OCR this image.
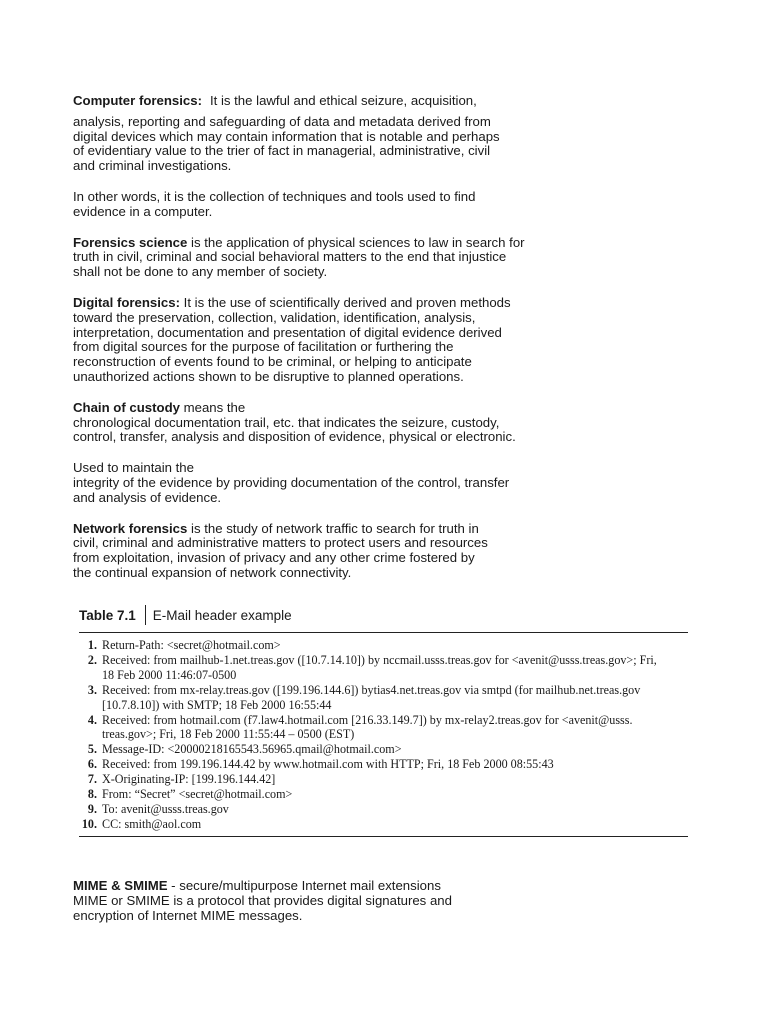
Computer forensics: It is the lawful and ethical seizure, acquisition,
analysis, reporting and safeguarding of data and metadata derived from
digital devices which may contain information that is notable and perhaps
of evidentiary value to the trier of fact in managerial, administrative, civil
and criminal investigations.

In other words, it is the collection of techniques and tools used to find
evidence in a computer.

Forensics science is the application of physical sciences to law in search for
truth in civil, criminal and social behavioral matters to the end that injustice
shall not be done to any member of society.

Digital forensics: It is the use of scientifically derived and proven methods
toward the preservation, collection, validation, identification, analysis,
interpretation, documentation and presentation of digital evidence derived
from digital sources for the purpose of facilitation or furthering the
reconstruction of events found to be criminal, or helping to anticipate
unauthorized actions shown to be disruptive to planned operations.

Chain of custody means the
chronological documentation trail, etc. that indicates the seizure, custody,
control, transfer, analysis and disposition of evidence, physical or electronic.

Used to maintain the
integrity of the evidence by providing documentation of the control, transfer
and analysis of evidence.

Network forensics is the study of network traffic to search for truth in
civil, criminal and administrative matters to protect users and resources
from exploitation, invasion of privacy and any other crime fostered by
the continual expansion of network connectivity.

Table 7.1 E-Mail header example
1. Return-Path: <secret@hotmail.com>
2. Received: from mailhub-1.net.treas.gov ([10.7.14.10]) by nccmail.usss.treas.gov for <avenit@usss.treas.gov>; Fri,
18 Feb 2000 11:46:07-0500
3. Received: from mx-relay.treas.gov ([199.196.144.6]) bytias4.net.treas.gov via smtpd (for mailhub.net.treas.gov
[10.7.8.10]) with SMTP; 18 Feb 2000 16:55:44
4. Received: from hotmail.com (f7.law4.hotmail.com [216.33.149.7]) by mx-relay2.treas.gov for <avenit@usss.
treas.gov>; Fri, 18 Feb 2000 11:55:44 – 0500 (EST)
5. Message-ID: <20000218165543.56965.qmail@hotmail.com>
6. Received: from 199.196.144.42 by www.hotmail.com with HTTP; Fri, 18 Feb 2000 08:55:43
7. X-Originating-IP: [199.196.144.42]
8. From: “Secret” <secret@hotmail.com>
9. To: avenit@usss.treas.gov
10. CC: smith@aol.com
MIME & SMIME - secure/multipurpose Internet mail extensions
MIME or SMIME is a protocol that provides digital signatures and
encryption of Internet MIME messages.
